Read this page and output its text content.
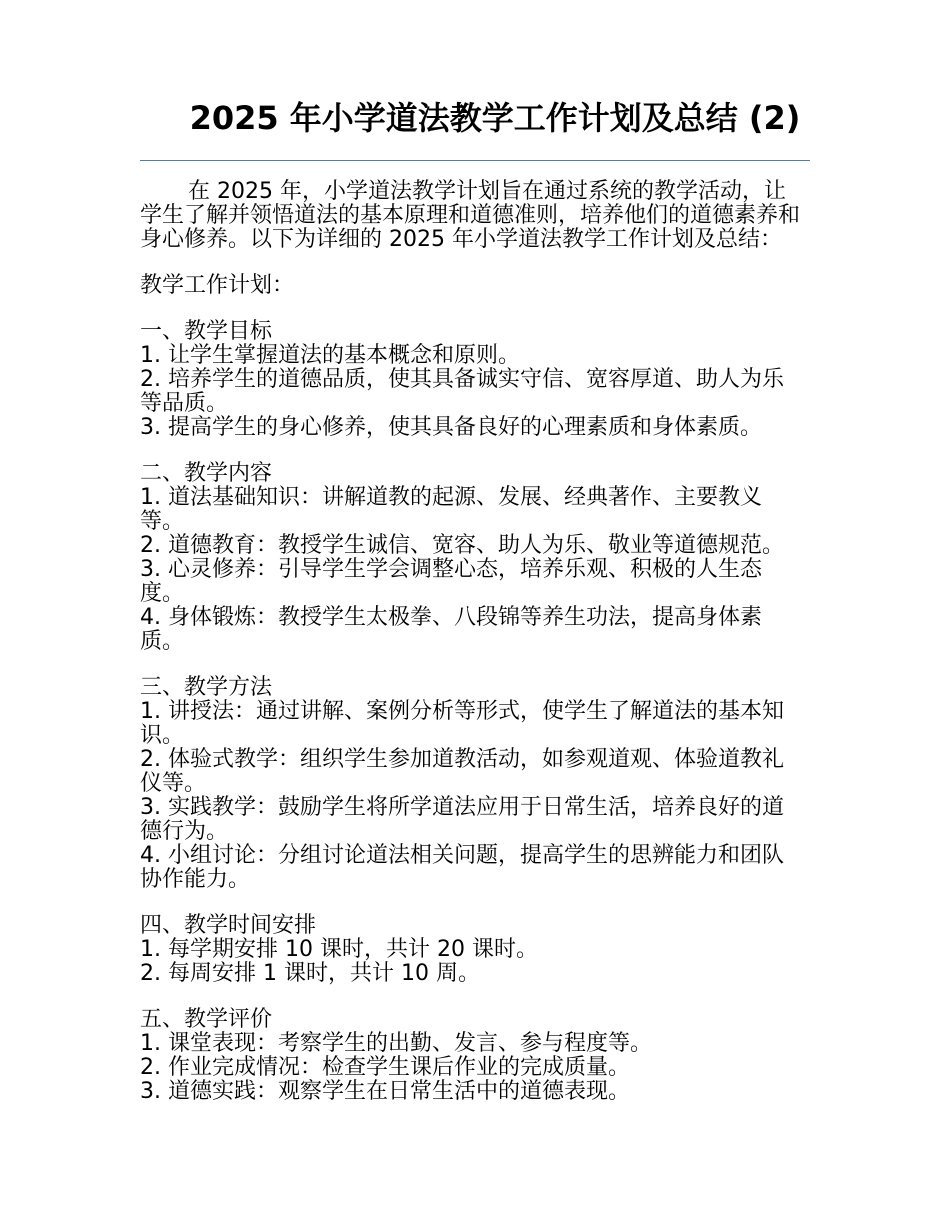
2025 年小学道法教学工作计划及总结 (2)

在 2025 年，小学道法教学计划旨在通过系统的教学活动，让学生了解并领悟道法的基本原理和道德准则，培养他们的道德素养和身心修养。以下为详细的 2025 年小学道法教学工作计划及总结：

教学工作计划：

一、教学目标

1. 让学生掌握道法的基本概念和原则。

2. 培养学生的道德品质，使其具备诚实守信、宽容厚道、助人为乐等品质。

3. 提高学生的身心修养，使其具备良好的心理素质和身体素质。

二、教学内容

1. 道法基础知识：讲解道教的起源、发展、经典著作、主要教义等。

2. 道德教育：教授学生诚信、宽容、助人为乐、敬业等道德规范。

3. 心灵修养：引导学生学会调整心态，培养乐观、积极的人生态度。

4. 身体锻炼：教授学生太极拳、八段锦等养生功法，提高身体素质。

三、教学方法

1. 讲授法：通过讲解、案例分析等形式，使学生了解道法的基本知识。

2. 体验式教学：组织学生参加道教活动，如参观道观、体验道教礼仪等。

3. 实践教学：鼓励学生将所学道法应用于日常生活，培养良好的道德行为。

4. 小组讨论：分组讨论道法相关问题，提高学生的思辨能力和团队协作能力。

四、教学时间安排

1. 每学期安排 10 课时，共计 20 课时。

2. 每周安排 1 课时，共计 10 周。

五、教学评价

1. 课堂表现：考察学生的出勤、发言、参与程度等。

2. 作业完成情况：检查学生课后作业的完成质量。

3. 道德实践：观察学生在日常生活中的道德表现。
